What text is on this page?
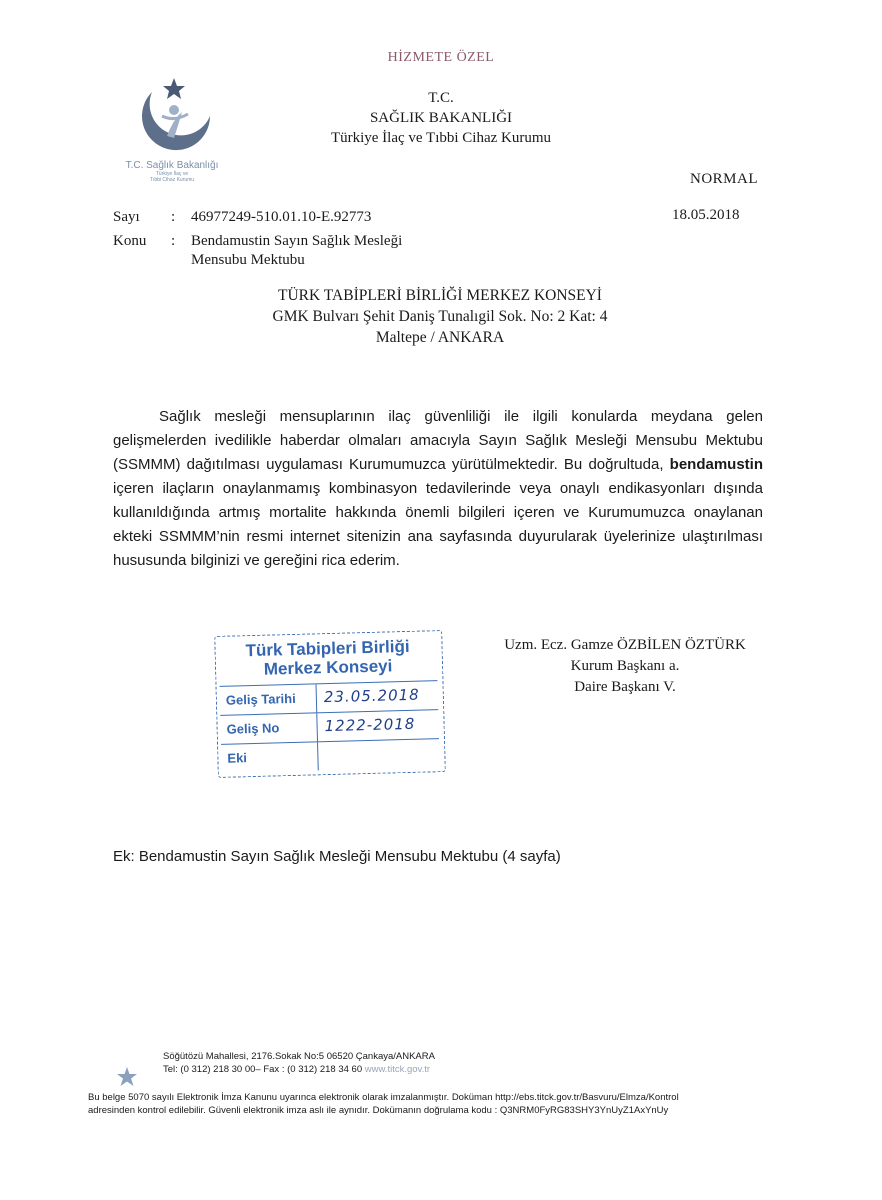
HİZMETE ÖZEL
T.C. Sağlık Bakanlığı
Türkiye İlaç ve
Tıbbi Cihaz Kurumu
T.C.
SAĞLIK BAKANLIĞI
Türkiye İlaç ve Tıbbi Cihaz Kurumu
NORMAL
Sayı : 46977249-510.01.10-E.92773	18.05.2018
Konu : Bendamustin Sayın Sağlık Mesleği
Mensubu Mektubu
TÜRK TABİPLERİ BİRLİĞİ MERKEZ KONSEYİ
GMK Bulvarı Şehit Daniş Tunalıgil Sok. No: 2 Kat: 4
Maltepe / ANKARA
Sağlık mesleği mensuplarının ilaç güvenliliği ile ilgili konularda meydana gelen gelişmelerden ivedilikle haberdar olmaları amacıyla Sayın Sağlık Mesleği Mensubu Mektubu (SSMMM) dağıtılması uygulaması Kurumumuzca yürütülmektedir. Bu doğrultuda, bendamustin içeren ilaçların onaylanmamış kombinasyon tedavilerinde veya onaylı endikasyonları dışında kullanıldığında artmış mortalite hakkında önemli bilgileri içeren ve Kurumumuzca onaylanan ekteki SSMMM’nin resmi internet sitenizin ana sayfasında duyurularak üyelerinize ulaştırılması hususunda bilginizi ve gereğini rica ederim.
Türk Tabipleri Birliği
Merkez Konseyi
Geliş Tarihi 23.05.2018
Geliş No	1222-2018
Eki
Uzm. Ecz. Gamze ÖZBİLEN ÖZTÜRK
Kurum Başkanı a.
Daire Başkanı V.
Ek: Bendamustin Sayın Sağlık Mesleği Mensubu Mektubu (4 sayfa)
Söğütözü Mahallesi, 2176.Sokak No:5 06520 Çankaya/ANKARA
Tel: (0 312) 218 30 00– Fax : (0 312) 218 34 60 www.titck.gov.tr
Bu belge 5070 sayılı Elektronik İmza Kanunu uyarınca elektronik olarak imzalanmıştır. Doküman http://ebs.titck.gov.tr/Basvuru/Elmza/Kontrol
adresinden kontrol edilebilir. Güvenli elektronik imza aslı ile aynıdır. Dokümanın doğrulama kodu : Q3NRM0FyRG83SHY3YnUyZ1AxYnUy
